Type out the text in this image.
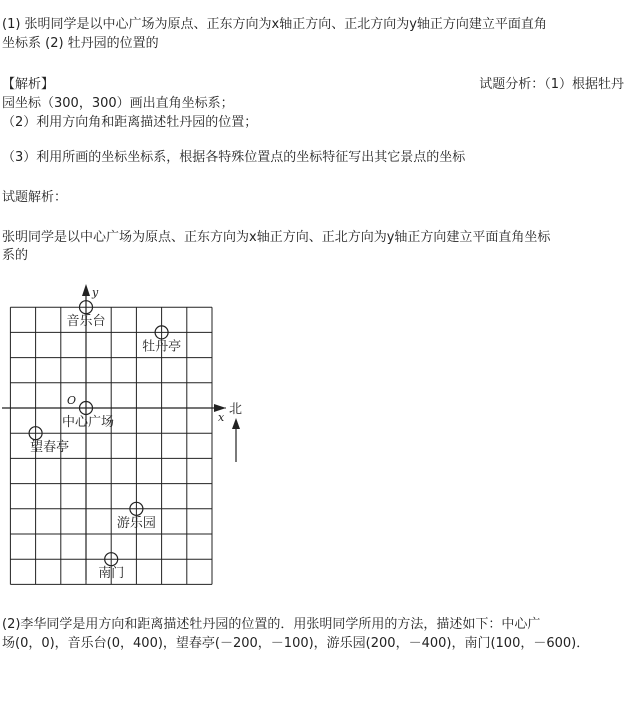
(1) 张明同学是以中心广场为原点、正东方向为x轴正方向、正北方向为y轴正方向建立平面直角
坐标系 (2) 牡丹园的位置的
【解析】	试题分析：（1）根据牡丹
园坐标（300，300）画出直角坐标系；
（2）利用方向角和距离描述牡丹园的位置；
（3）利用所画的坐标坐标系，根据各特殊位置点的坐标特征写出其它景点的坐标
试题解析：
张明同学是以中心广场为原点、正东方向为x轴正方向、正北方向为y轴正方向建立平面直角坐标
系的
y
x
O
北
音乐台
牡丹亭
中心广场
望春亭
游乐园
南门
(2)李华同学是用方向和距离描述牡丹园的位置的．用张明同学所用的方法，描述如下：中心广
场(0，0)，音乐台(0，400)，望春亭(－200，－100)，游乐园(200，－400)，南门(100，－600)．
